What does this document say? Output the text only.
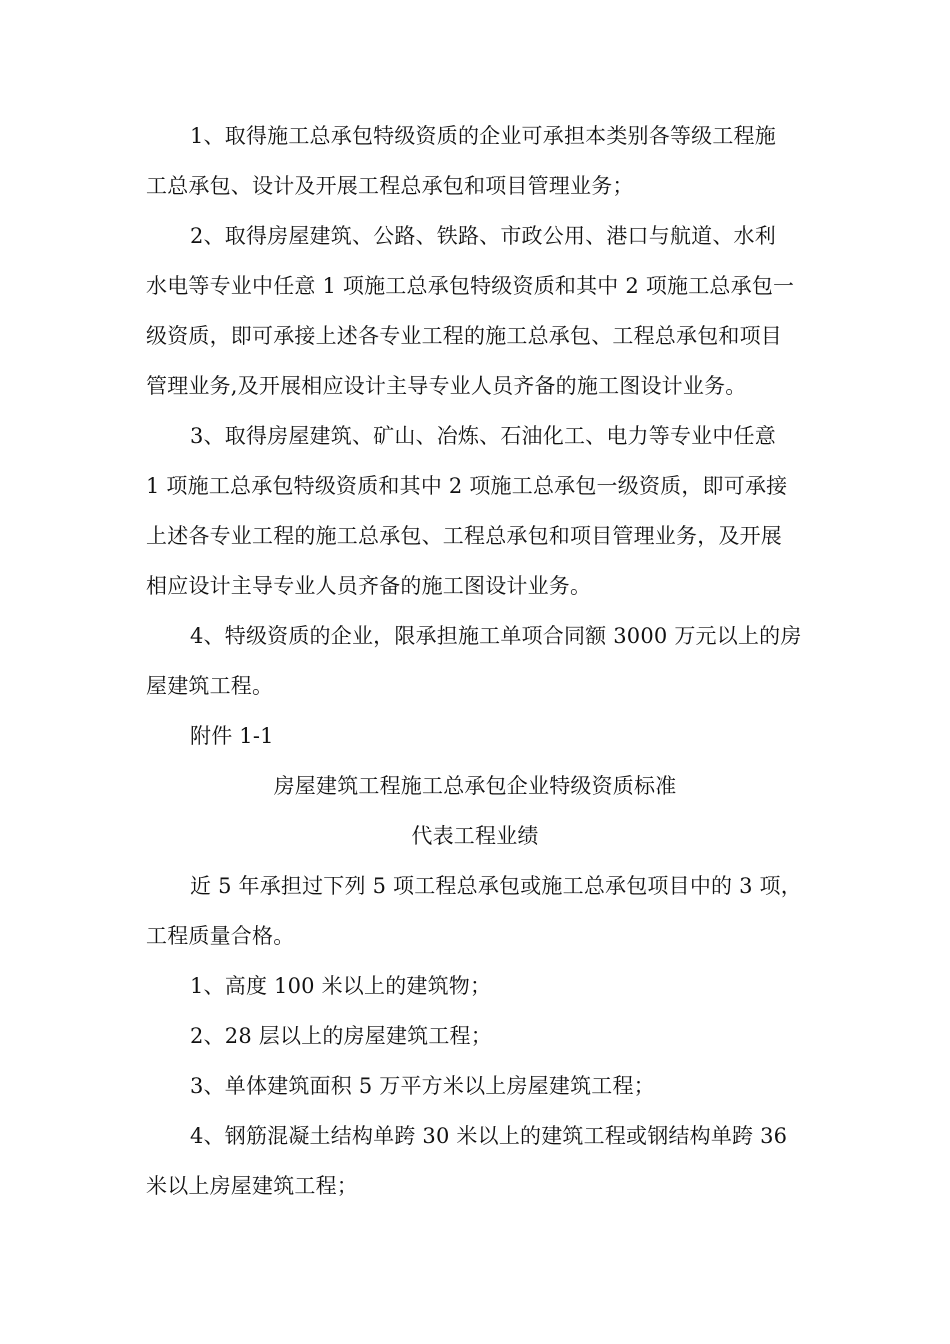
1、取得施工总承包特级资质的企业可承担本类别各等级工程施
工总承包、设计及开展工程总承包和项目管理业务；
2、取得房屋建筑、公路、铁路、市政公用、港口与航道、水利
水电等专业中任意 1 项施工总承包特级资质和其中 2 项施工总承包一
级资质，即可承接上述各专业工程的施工总承包、工程总承包和项目
管理业务,及开展相应设计主导专业人员齐备的施工图设计业务。
3、取得房屋建筑、矿山、冶炼、石油化工、电力等专业中任意
1 项施工总承包特级资质和其中 2 项施工总承包一级资质，即可承接
上述各专业工程的施工总承包、工程总承包和项目管理业务，及开展
相应设计主导专业人员齐备的施工图设计业务。
4、特级资质的企业，限承担施工单项合同额 3000 万元以上的房
屋建筑工程。
附件 1-1
房屋建筑工程施工总承包企业特级资质标准
代表工程业绩
近 5 年承担过下列 5 项工程总承包或施工总承包项目中的 3 项，
工程质量合格。
1、高度 100 米以上的建筑物；
2、28 层以上的房屋建筑工程；
3、单体建筑面积 5 万平方米以上房屋建筑工程；
4、钢筋混凝土结构单跨 30 米以上的建筑工程或钢结构单跨 36
米以上房屋建筑工程；
